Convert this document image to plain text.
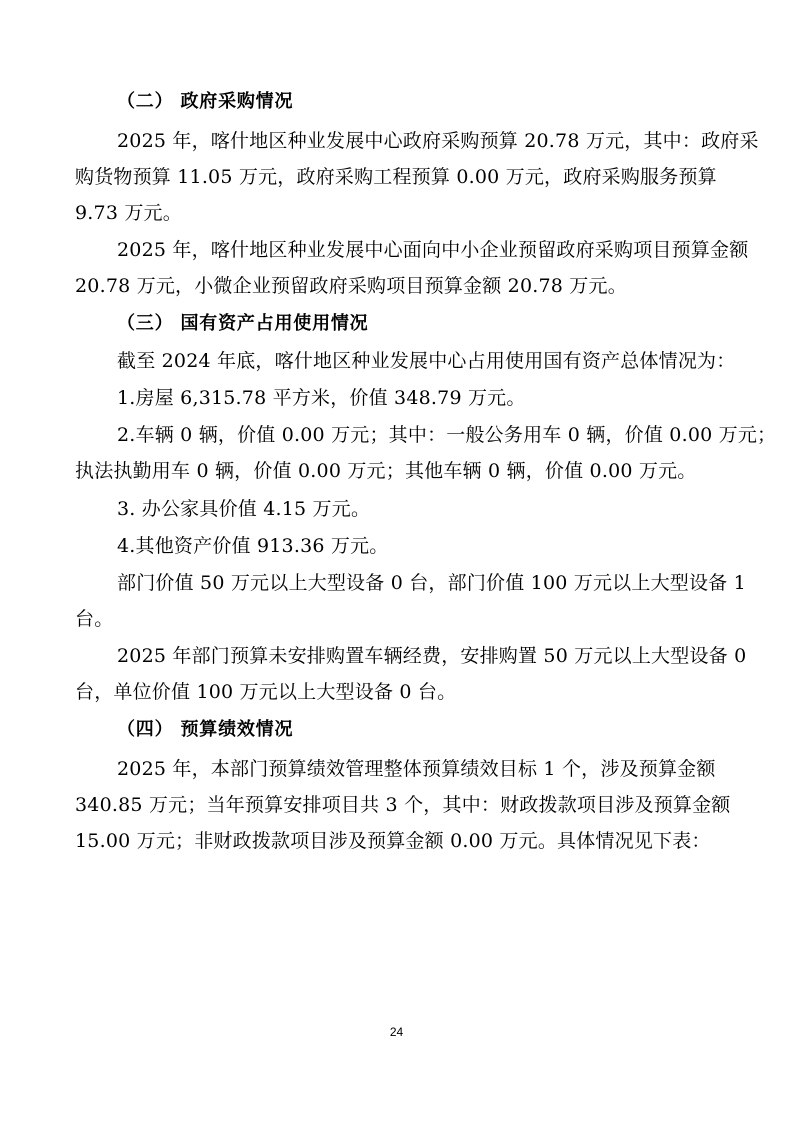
（二） 政府采购情况
2025 年，喀什地区种业发展中心政府采购预算 20.78 万元，其中：政府采
购货物预算 11.05 万元，政府采购工程预算 0.00 万元，政府采购服务预算
9.73 万元。
2025 年，喀什地区种业发展中心面向中小企业预留政府采购项目预算金额
20.78 万元，小微企业预留政府采购项目预算金额 20.78 万元。
（三） 国有资产占用使用情况
截至 2024 年底，喀什地区种业发展中心占用使用国有资产总体情况为：
1.房屋 6,315.78 平方米，价值 348.79 万元。
2.车辆 0 辆，价值 0.00 万元；其中：一般公务用车 0 辆，价值 0.00 万元；
执法执勤用车 0 辆，价值 0.00 万元；其他车辆 0 辆，价值 0.00 万元。
3. 办公家具价值 4.15 万元。
4.其他资产价值 913.36 万元。
部门价值 50 万元以上大型设备 0 台，部门价值 100 万元以上大型设备 1
台。
2025 年部门预算未安排购置车辆经费，安排购置 50 万元以上大型设备 0
台，单位价值 100 万元以上大型设备 0 台。
（四） 预算绩效情况
2025 年，本部门预算绩效管理整体预算绩效目标 1 个，涉及预算金额
340.85 万元；当年预算安排项目共 3 个，其中：财政拨款项目涉及预算金额
15.00 万元；非财政拨款项目涉及预算金额 0.00 万元。具体情况见下表：
24
